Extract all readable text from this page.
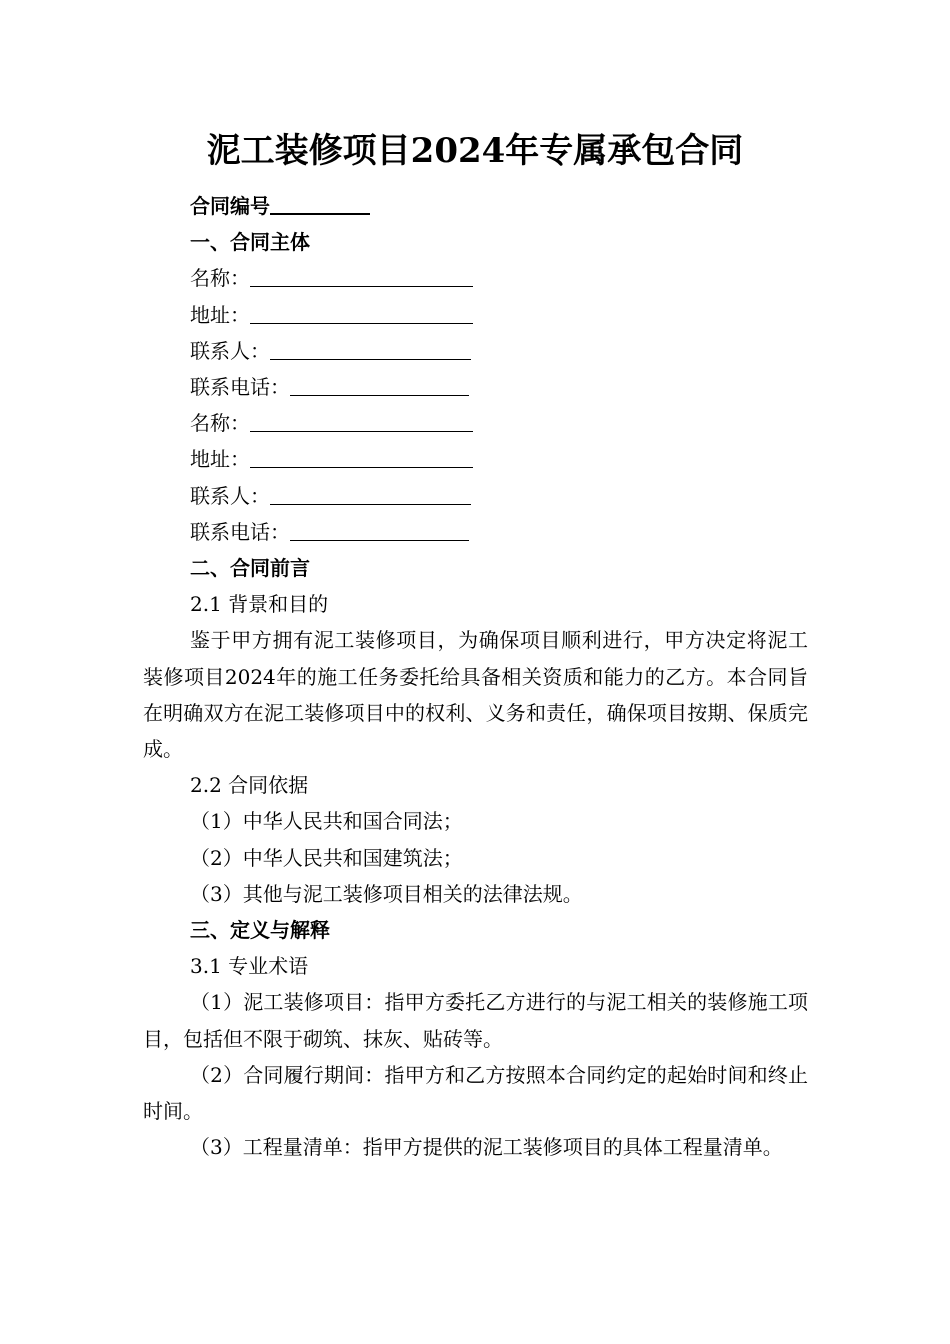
泥工装修项目2024年专属承包合同

合同编号

一、合同主体

名称：

地址：

联系人：

联系电话：

名称：

地址：

联系人：

联系电话：

二、合同前言

2.1 背景和目的

鉴于甲方拥有泥工装修项目，为确保项目顺利进行，甲方决定将泥工装修项目2024年的施工任务委托给具备相关资质和能力的乙方。本合同旨在明确双方在泥工装修项目中的权利、义务和责任，确保项目按期、保质完成。

2.2 合同依据

（1）中华人民共和国合同法；

（2）中华人民共和国建筑法；

（3）其他与泥工装修项目相关的法律法规。

三、定义与解释

3.1 专业术语

（1）泥工装修项目：指甲方委托乙方进行的与泥工相关的装修施工项目，包括但不限于砌筑、抹灰、贴砖等。

（2）合同履行期间：指甲方和乙方按照本合同约定的起始时间和终止时间。

（3）工程量清单：指甲方提供的泥工装修项目的具体工程量清单。
